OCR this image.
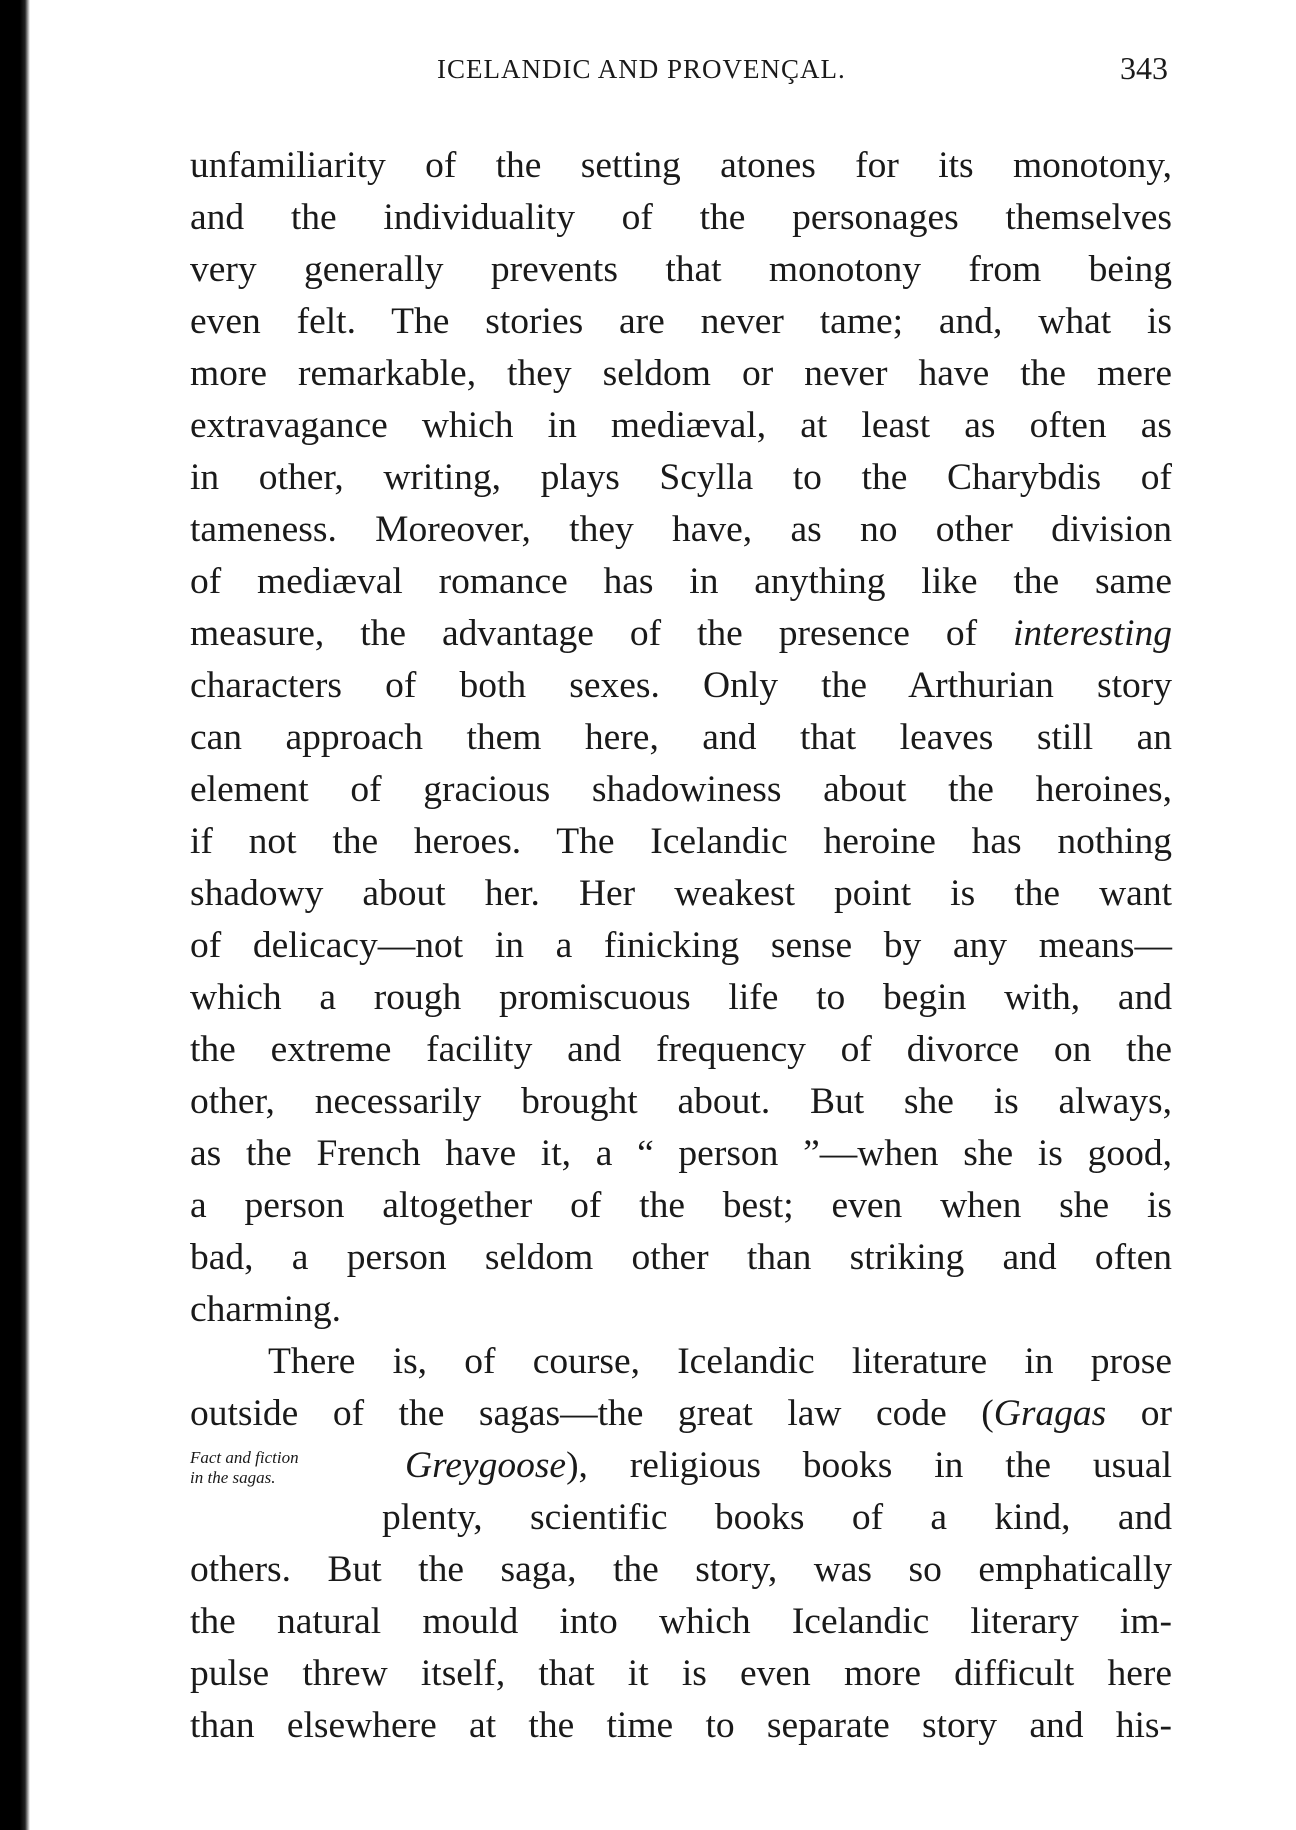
ICELANDIC AND PROVENÇAL.	343
unfamiliarity of the setting atones for its monotony,
and the individuality of the personages themselves
very generally prevents that monotony from being
even felt. The stories are never tame; and, what is
more remarkable, they seldom or never have the mere
extravagance which in mediæval, at least as often as
in other, writing, plays Scylla to the Charybdis of
tameness. Moreover, they have, as no other division
of mediæval romance has in anything like the same
measure, the advantage of the presence of interesting
characters of both sexes. Only the Arthurian story
can approach them here, and that leaves still an
element of gracious shadowiness about the heroines,
if not the heroes. The Icelandic heroine has nothing
shadowy about her. Her weakest point is the want
of delicacy—not in a finicking sense by any means—
which a rough promiscuous life to begin with, and
the extreme facility and frequency of divorce on the
other, necessarily brought about. But she is always,
as the French have it, a “ person ”—when she is good,
a person altogether of the best; even when she is
bad, a person seldom other than striking and often
charming.
There is, of course, Icelandic literature in prose
outside of the sagas—the great law code (Gragas or
Fact and fiction
in the sagas.	Greygoose), religious books in the usual
plenty, scientific books of a kind, and
others. But the saga, the story, was so emphatically
the natural mould into which Icelandic literary im-
pulse threw itself, that it is even more difficult here
than elsewhere at the time to separate story and his-
